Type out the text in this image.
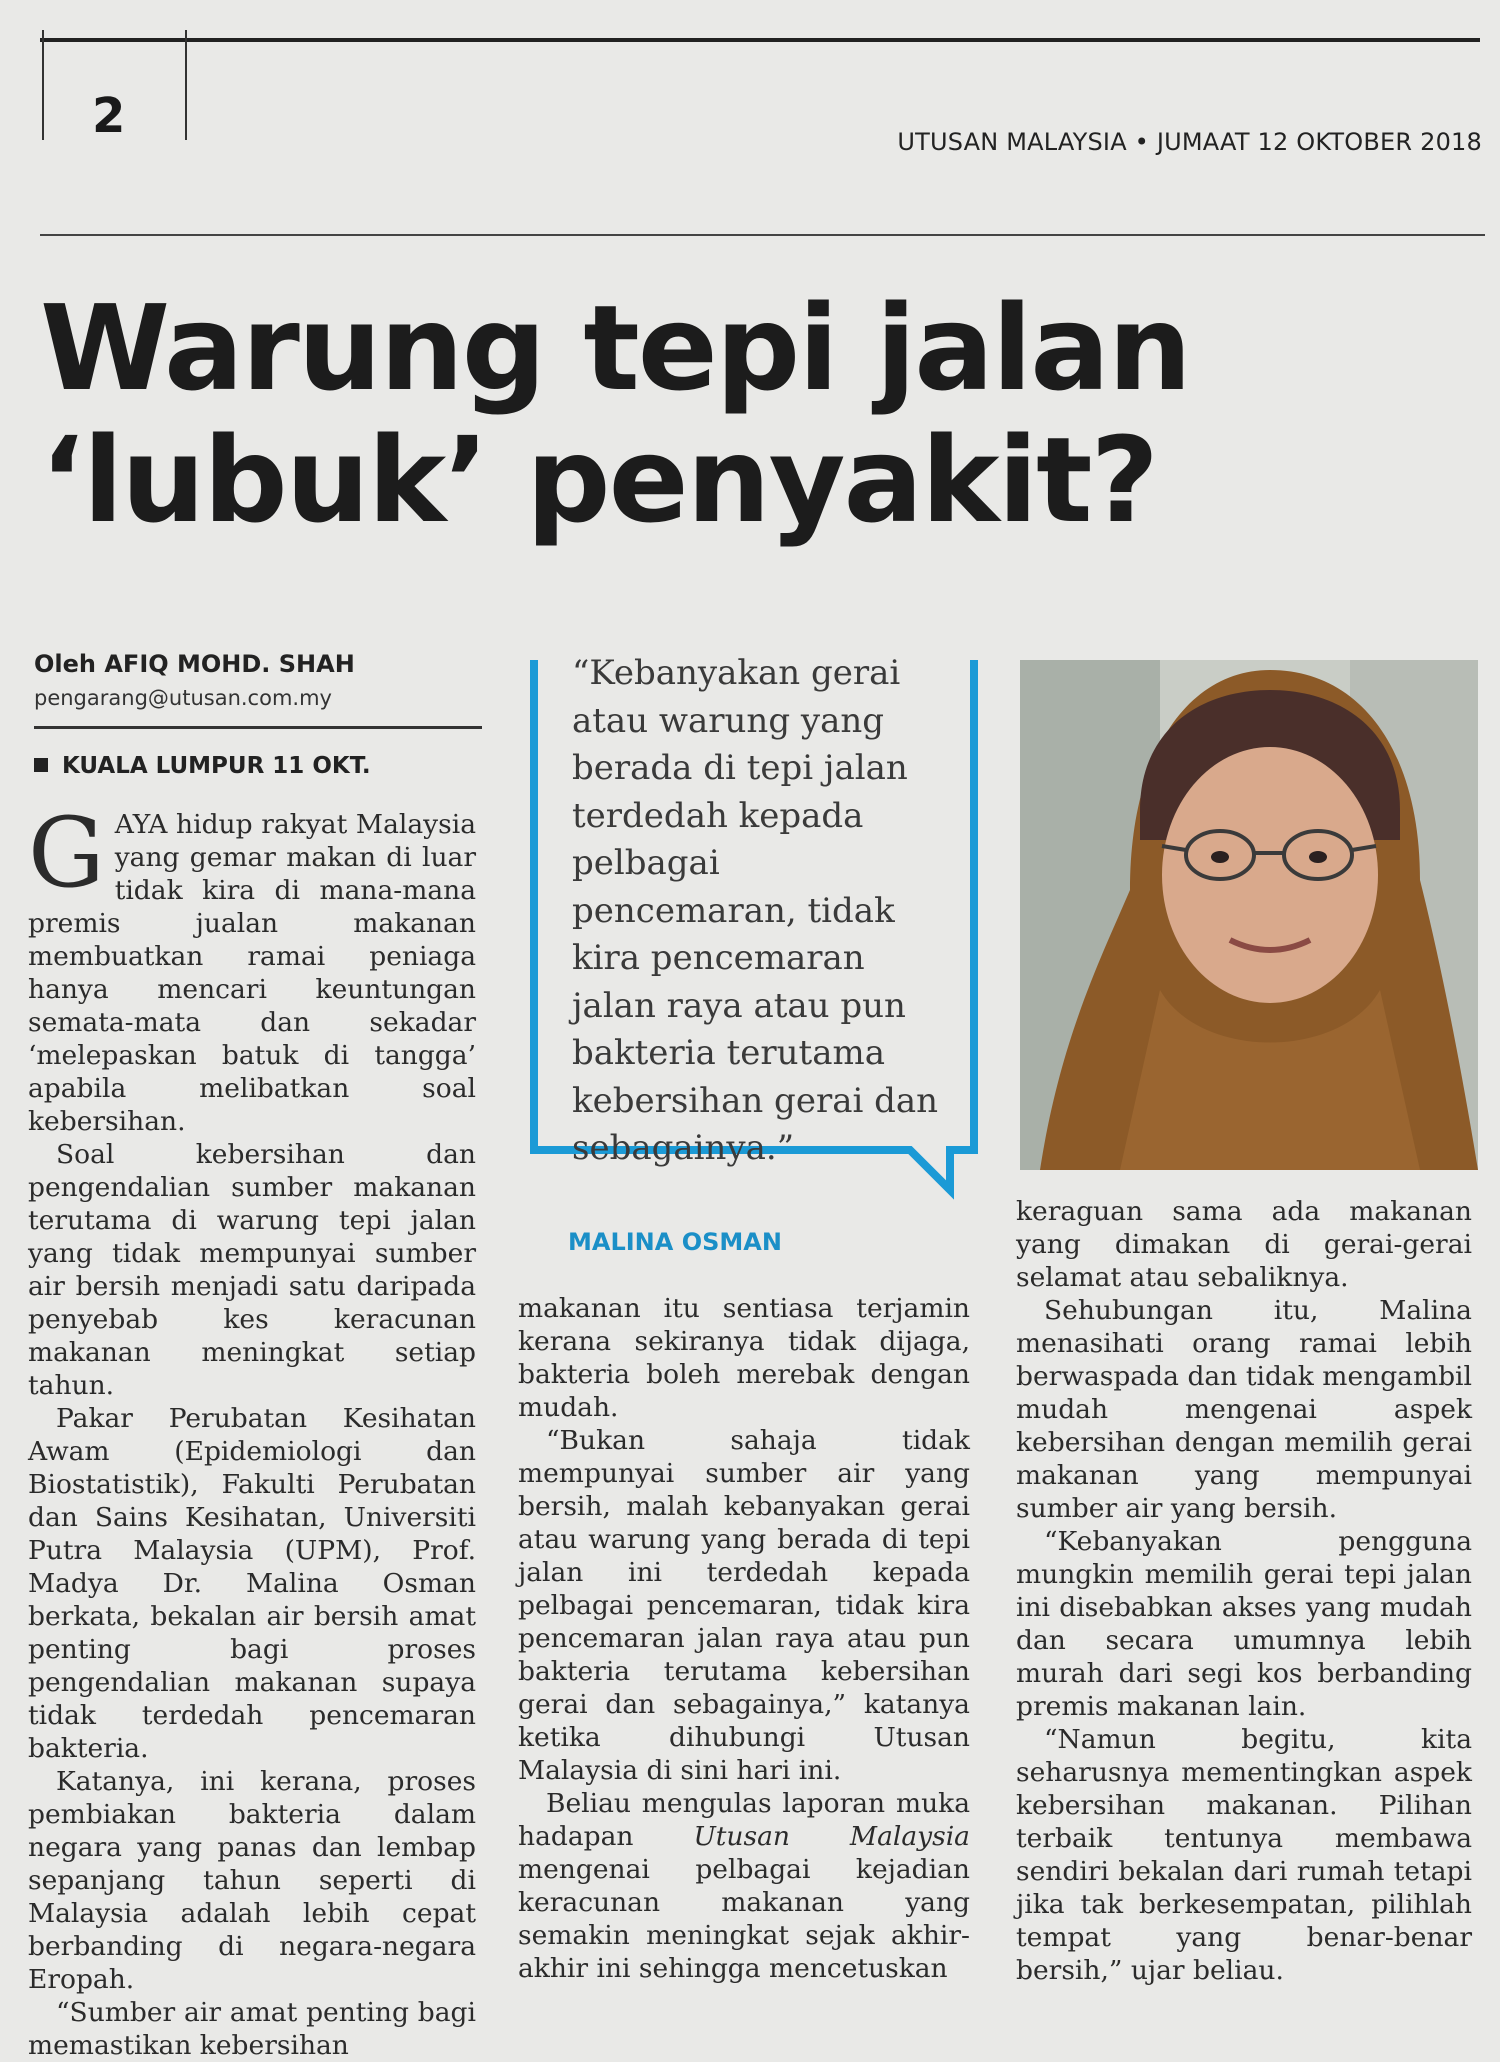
2	UTUSAN MALAYSIA • JUMAAT 12 OKTOBER 2018
Warung tepi jalan
‘lubuk’ penyakit?
Oleh AFIQ MOHD. SHAH
pengarang@utusan.com.my
KUALA LUMPUR 11 OKT.

GAYA hidup rakyat Malaysia yang gemar makan di luar tidak kira di mana-mana premis jualan makanan membuatkan ramai peniaga hanya mencari keuntungan semata-mata dan sekadar ‘melepaskan batuk di tangga’ apabila melibatkan soal kebersihan.

Soal kebersihan dan pengendalian sumber makanan terutama di warung tepi jalan yang tidak mempunyai sumber air bersih menjadi satu daripada penyebab kes keracunan makanan meningkat setiap tahun.

Pakar Perubatan Kesihatan Awam (Epidemiologi dan Biostatistik), Fakulti Perubatan dan Sains Kesihatan, Universiti Putra Malaysia (UPM), Prof. Madya Dr. Malina Osman berkata, bekalan air bersih amat penting bagi proses pengendalian makanan supaya tidak terdedah pencemaran bakteria.

Katanya, ini kerana, proses pembiakan bakteria dalam negara yang panas dan lembap sepanjang tahun seperti di Malaysia adalah lebih cepat berbanding di negara-negara Eropah.

“Sumber air amat penting bagi memastikan kebersihan

“Kebanyakan gerai atau warung yang berada di tepi jalan terdedah kepada pelbagai pencemaran, tidak kira pencemaran jalan raya atau pun bakteria terutama kebersihan gerai dan sebagainya.”
MALINA OSMAN

makanan itu sentiasa terjamin kerana sekiranya tidak dijaga, bakteria boleh merebak dengan mudah.

“Bukan sahaja tidak mempunyai sumber air yang bersih, malah kebanyakan gerai atau warung yang berada di tepi jalan ini terdedah kepada pelbagai pencemaran, tidak kira pencemaran jalan raya atau pun bakteria terutama kebersihan gerai dan sebagainya,” katanya ketika dihubungi Utusan Malaysia di sini hari ini.

Beliau mengulas laporan muka hadapan Utusan Malaysia mengenai pelbagai kejadian keracunan makanan yang semakin meningkat sejak akhir-akhir ini sehingga mencetuskan

keraguan sama ada makanan yang dimakan di gerai-gerai selamat atau sebaliknya.

Sehubungan itu, Malina menasihati orang ramai lebih berwaspada dan tidak mengambil mudah mengenai aspek kebersihan dengan memilih gerai makanan yang mempunyai sumber air yang bersih.

“Kebanyakan pengguna mungkin memilih gerai tepi jalan ini disebabkan akses yang mudah dan secara umumnya lebih murah dari segi kos berbanding premis makanan lain.

“Namun begitu, kita seharusnya mementingkan aspek kebersihan makanan. Pilihan terbaik tentunya membawa sendiri bekalan dari rumah tetapi jika tak berkesempatan, pilihlah tempat yang benar-benar bersih,” ujar beliau.
